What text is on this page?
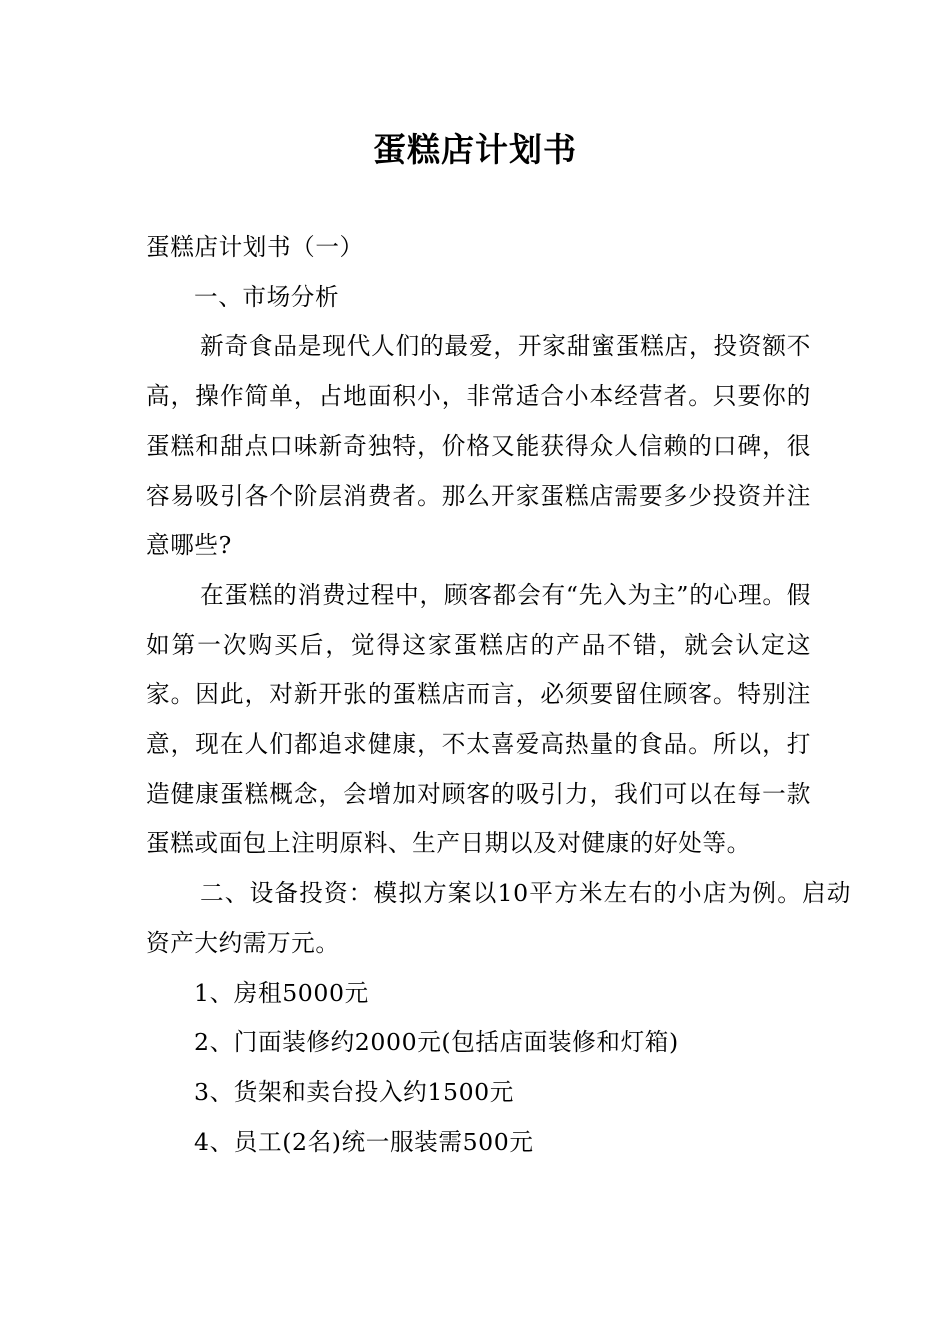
蛋糕店计划书

蛋糕店计划书（一）

一、市场分析

新奇食品是现代人们的最爱，开家甜蜜蛋糕店，投资额不高，操作简单，占地面积小，非常适合小本经营者。只要你的蛋糕和甜点口味新奇独特，价格又能获得众人信赖的口碑，很容易吸引各个阶层消费者。那么开家蛋糕店需要多少投资并注意哪些?

在蛋糕的消费过程中，顾客都会有“先入为主”的心理。假如第一次购买后，觉得这家蛋糕店的产品不错，就会认定这家。因此，对新开张的蛋糕店而言，必须要留住顾客。特别注意，现在人们都追求健康，不太喜爱高热量的食品。所以，打造健康蛋糕概念，会增加对顾客的吸引力，我们可以在每一款蛋糕或面包上注明原料、生产日期以及对健康的好处等。

二、设备投资：模拟方案以10平方米左右的小店为例。启动资产大约需万元。

1、房租5000元

2、门面装修约2000元(包括店面装修和灯箱)

3、货架和卖台投入约1500元

4、员工(2名)统一服装需500元
